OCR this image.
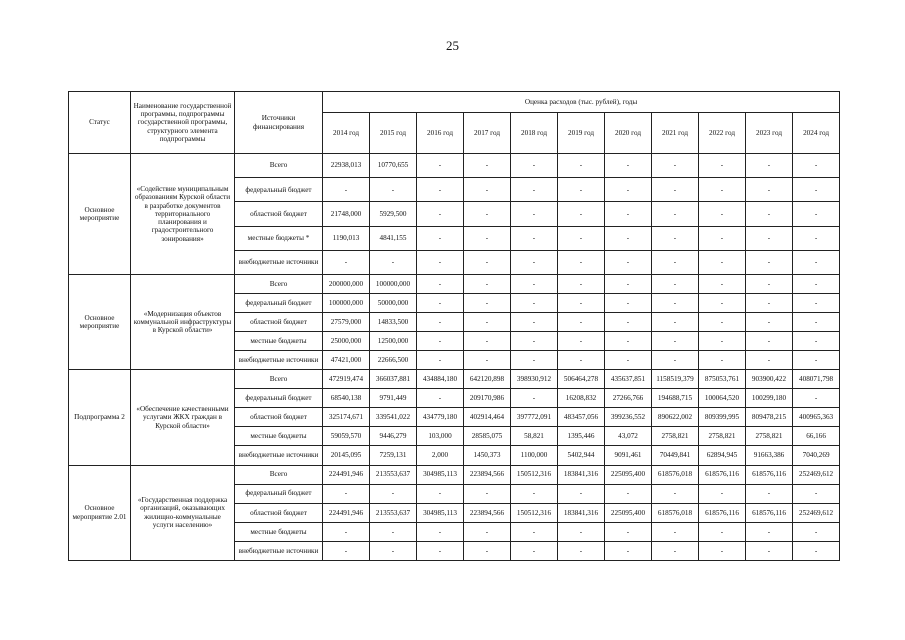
25
Статус	Наименование государственной программы, подпрограммы государственной программы, структурного элемента подпрограммы	Источники финансирования	Оценка расходов (тыс. рублей), годы										
			2014 год	2015 год	2016 год	2017 год	2018 год	2019 год	2020 год	2021 год	2022 год	2023 год	2024 год
Основное мероприятие	«Содействие муниципальным образованиям Курской области в разработке документов территориального планирования и градостроительного зонирования»	Всего	22938,013	10770,655	-	-	-	-	-	-	-	-	-
		федеральный бюджет	-	-	-	-	-	-	-	-	-	-	-
		областной бюджет	21748,000	5929,500	-	-	-	-	-	-	-	-	-
		местные бюджеты *	1190,013	4841,155	-	-	-	-	-	-	-	-	-
		внебюджетные источники	-	-	-	-	-	-	-	-	-	-	-
Основное мероприятие	«Модернизация объектов коммунальной инфраструктуры в Курской области»	Всего	200000,000	100000,000	-	-	-	-	-	-	-	-	-
		федеральный бюджет	100000,000	50000,000	-	-	-	-	-	-	-	-	-
		областной бюджет	27579,000	14833,500	-	-	-	-	-	-	-	-	-
		местные бюджеты	25000,000	12500,000	-	-	-	-	-	-	-	-	-
		внебюджетные источники	47421,000	22666,500	-	-	-	-	-	-	-	-	-
Подпрограмма 2	«Обеспечение качественными услугами ЖКХ граждан в Курской области»	Всего	472919,474	366037,881	434884,180	642120,898	398930,912	506464,278	435637,851	1158519,379	875053,761	903900,422	408071,798
		федеральный бюджет	68540,138	9791,449	-	209170,986	-	16208,832	27266,766	194688,715	100064,520	100299,180	-
		областной бюджет	325174,671	339541,022	434779,180	402914,464	397772,091	483457,056	399236,552	890622,002	809399,995	809478,215	400965,363
		местные бюджеты	59059,570	9446,279	103,000	28585,075	58,821	1395,446	43,072	2758,821	2758,821	2758,821	66,166
		внебюджетные источники	20145,095	7259,131	2,000	1450,373	1100,000	5402,944	9091,461	70449,841	62894,945	91663,386	7040,269
Основное мероприятие 2.01	«Государственная поддержка организаций, оказывающих жилищно-коммунальные услуги населению»	Всего	224491,946	213553,637	304985,113	223894,566	150512,316	183841,316	225095,400	618576,018	618576,116	618576,116	252469,612
		федеральный бюджет	-	-	-	-	-	-	-	-	-	-	-
		областной бюджет	224491,946	213553,637	304985,113	223894,566	150512,316	183841,316	225095,400	618576,018	618576,116	618576,116	252469,612
		местные бюджеты	-	-	-	-	-	-	-	-	-	-	-
		внебюджетные источники	-	-	-	-	-	-	-	-	-	-	-
